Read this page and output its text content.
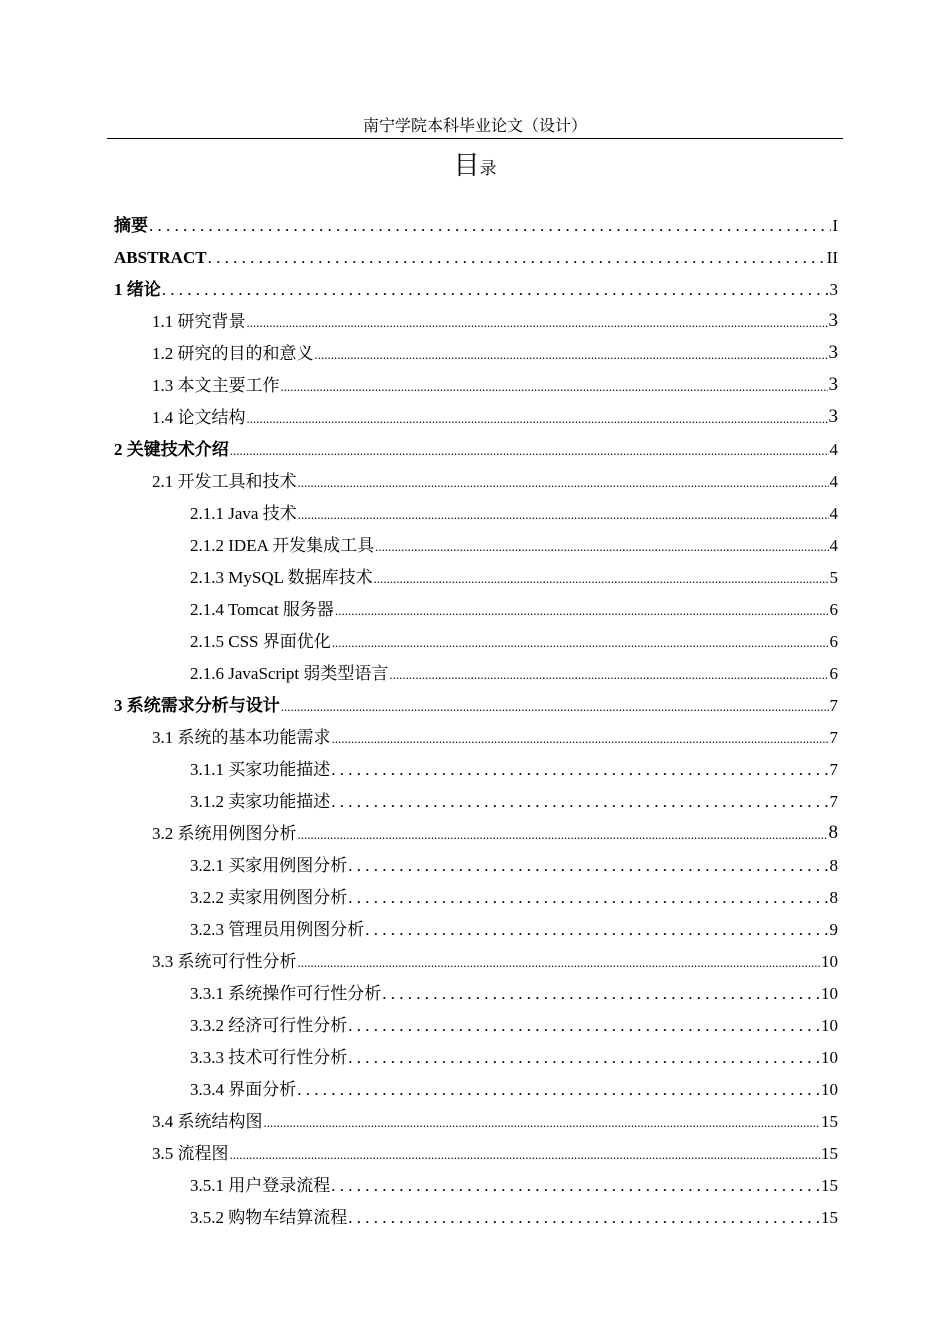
南宁学院本科毕业论文（设计）
目录
摘要 . . .	I
ABSTRACT . . .	II
1 绪论 . . .	3
1.1 研究背景 .....	3
1.2 研究的目的和意义 .....	3
1.3 本文主要工作 .....	3
1.4 论文结构 .....	3
2 关键技术介绍 .....	4
2.1 开发工具和技术 .....	4
2.1.1 Java 技术 .....	4
2.1.2 IDEA 开发集成工具 .....	4
2.1.3 MySQL 数据库技术 .....	5
2.1.4 Tomcat 服务器 .....	6
2.1.5 CSS 界面优化 .....	6
2.1.6 JavaScript 弱类型语言 .....	6
3 系统需求分析与设计 .....	7
3.1 系统的基本功能需求 .....	7
3.1.1 买家功能描述 . . .	7
3.1.2 卖家功能描述 . . .	7
3.2 系统用例图分析 .....	8
3.2.1 买家用例图分析 . . .	8
3.2.2 卖家用例图分析 . . .	8
3.2.3 管理员用例图分析 . . .	9
3.3 系统可行性分析 .....	10
3.3.1 系统操作可行性分析 . . .	10
3.3.2 经济可行性分析 . . .	10
3.3.3 技术可行性分析 . . .	10
3.3.4 界面分析 . . .	10
3.4 系统结构图 .....	15
3.5 流程图 .....	15
3.5.1 用户登录流程 . . .	15
3.5.2 购物车结算流程 . . .	15
